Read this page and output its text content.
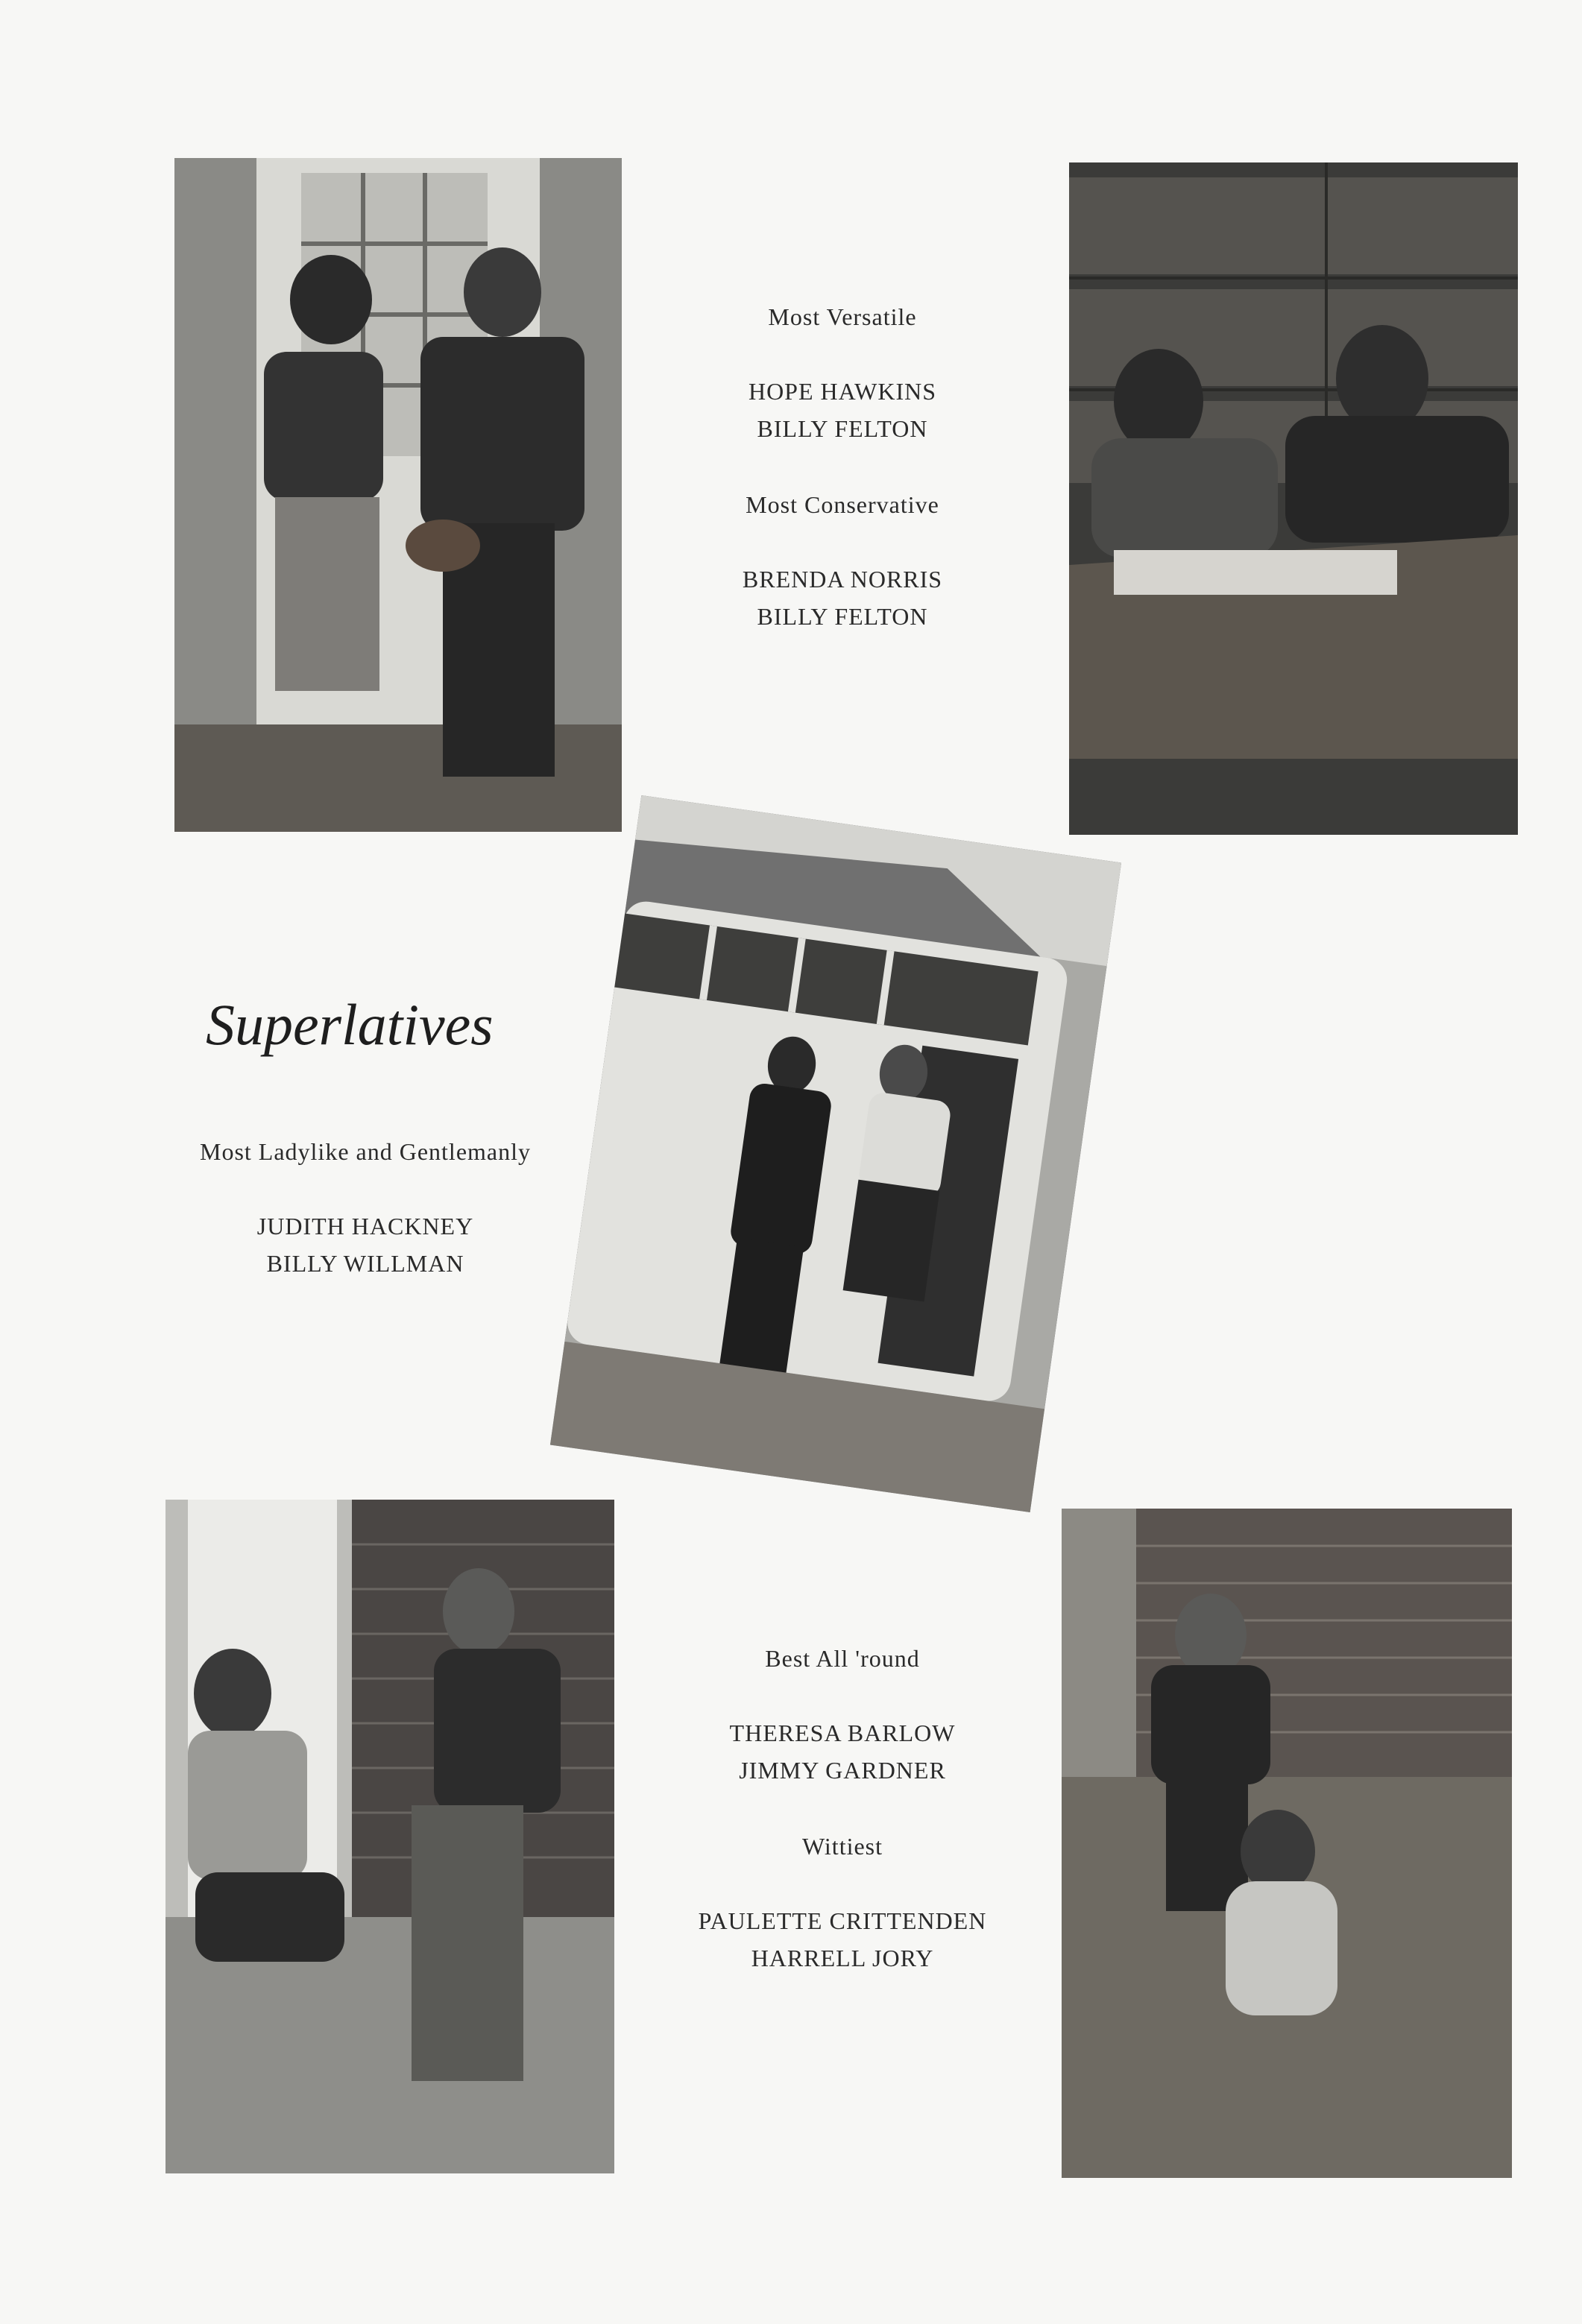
Most Versatile
HOPE HAWKINS
BILLY FELTON
Most Conservative
BRENDA NORRIS
BILLY FELTON
Superlatives
Most Ladylike and Gentlemanly
JUDITH HACKNEY
BILLY WILLMAN
Best All 'round
THERESA BARLOW
JIMMY GARDNER
Wittiest
PAULETTE CRITTENDEN
HARRELL JORY
